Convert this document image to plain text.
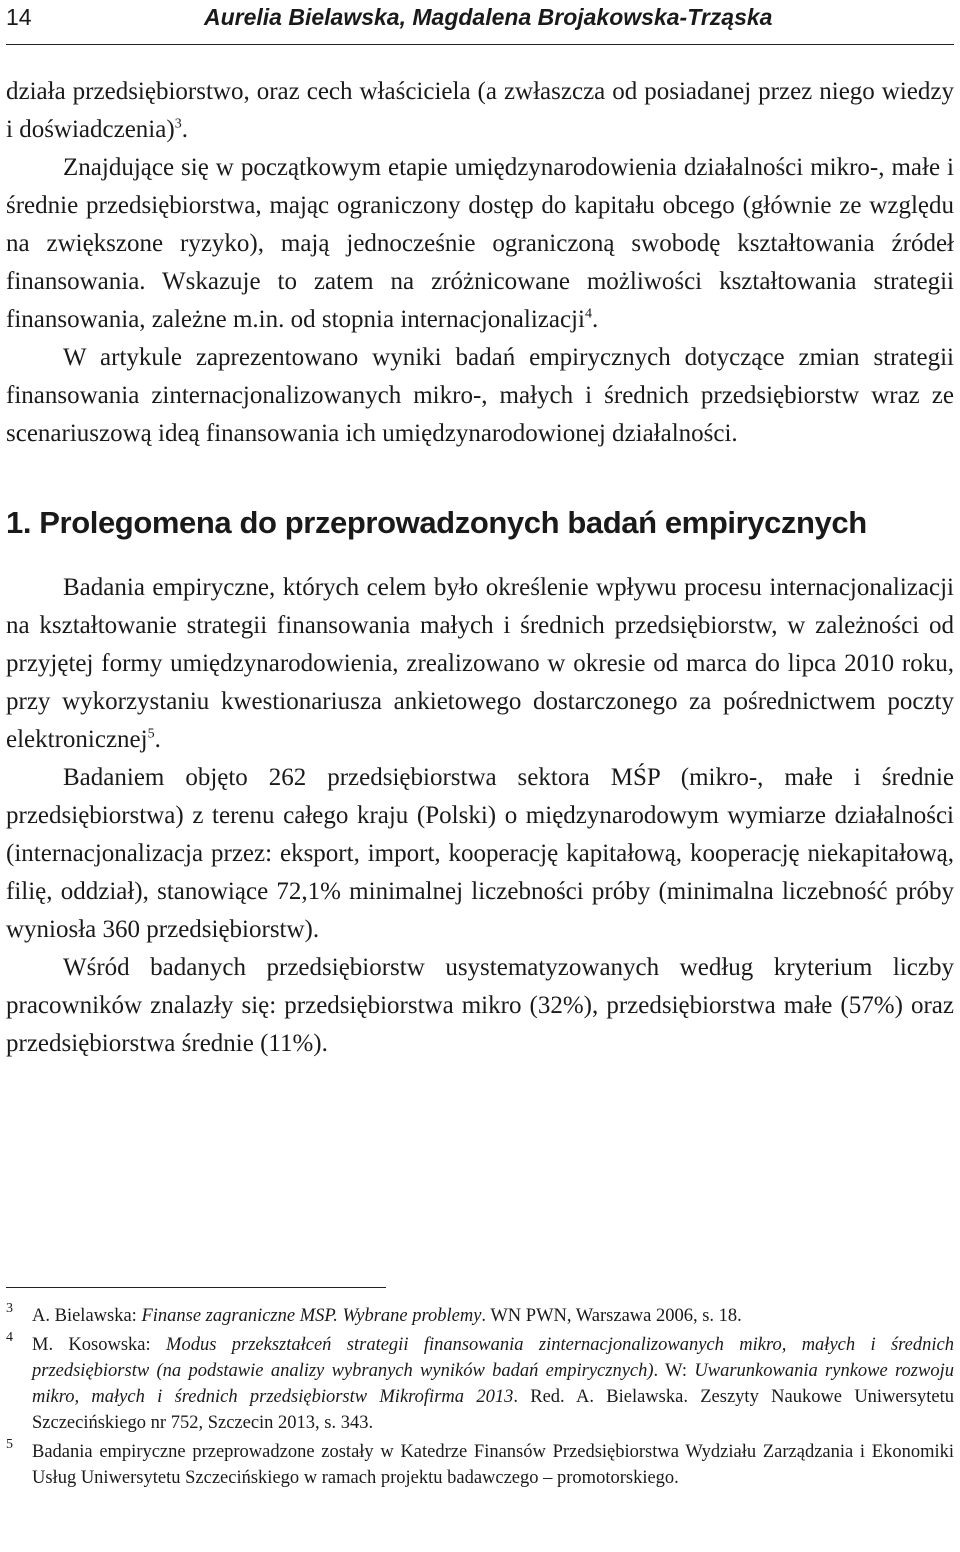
14	Aurelia Bielawska, Magdalena Brojakowska-Trząska

działa przedsiębiorstwo, oraz cech właściciela (a zwłaszcza od posiadanej przez niego wiedzy i doświadczenia)$^3$.

Znajdujące się w początkowym etapie umiędzynarodowienia działalności mikro-, małe i średnie przedsiębiorstwa, mając ograniczony dostęp do kapitału obcego (głównie ze względu na zwiększone ryzyko), mają jednocześnie ograniczoną swobodę kształtowania źródeł finansowania. Wskazuje to zatem na zróżnicowane możliwości kształtowania strategii finansowania, zależne m.in. od stopnia internacjonalizacji$^4$.

W artykule zaprezentowano wyniki badań empirycznych dotyczące zmian strategii finansowania zinternacjonalizowanych mikro-, małych i średnich przedsiębiorstw wraz ze scenariuszową ideą finansowania ich umiędzynarodowionej działalności.

1. Prolegomena do przeprowadzonych badań empirycznych

Badania empiryczne, których celem było określenie wpływu procesu internacjonalizacji na kształtowanie strategii finansowania małych i średnich przedsiębiorstw, w zależności od przyjętej formy umiędzynarodowienia, zrealizowano w okresie od marca do lipca 2010 roku, przy wykorzystaniu kwestionariusza ankietowego dostarczonego za pośrednictwem poczty elektronicznej$^5$.

Badaniem objęto 262 przedsiębiorstwa sektora MŚP (mikro-, małe i średnie przedsiębiorstwa) z terenu całego kraju (Polski) o międzynarodowym wymiarze działalności (internacjonalizacja przez: eksport, import, kooperację kapitałową, kooperację niekapitałową, filię, oddział), stanowiące 72,1% minimalnej liczebności próby (minimalna liczebność próby wyniosła 360 przedsiębiorstw).

Wśród badanych przedsiębiorstw usystematyzowanych według kryterium liczby pracowników znalazły się: przedsiębiorstwa mikro (32%), przedsiębiorstwa małe (57%) oraz przedsiębiorstwa średnie (11%).

3 A. Bielawska: Finanse zagraniczne MSP. Wybrane problemy. WN PWN, Warszawa 2006, s. 18.
4 M. Kosowska: Modus przekształceń strategii finansowania zinternacjonalizowanych mikro, małych i średnich przedsiębiorstw (na podstawie analizy wybranych wyników badań empirycznych). W: Uwarunkowania rynkowe rozwoju mikro, małych i średnich przedsiębiorstw Mikrofirma 2013. Red. A. Bielawska. Zeszyty Naukowe Uniwersytetu Szczecińskiego nr 752, Szczecin 2013, s. 343.
5 Badania empiryczne przeprowadzone zostały w Katedrze Finansów Przedsiębiorstwa Wydziału Zarządzania i Ekonomiki Usług Uniwersytetu Szczecińskiego w ramach projektu badawczego – promotorskiego.
